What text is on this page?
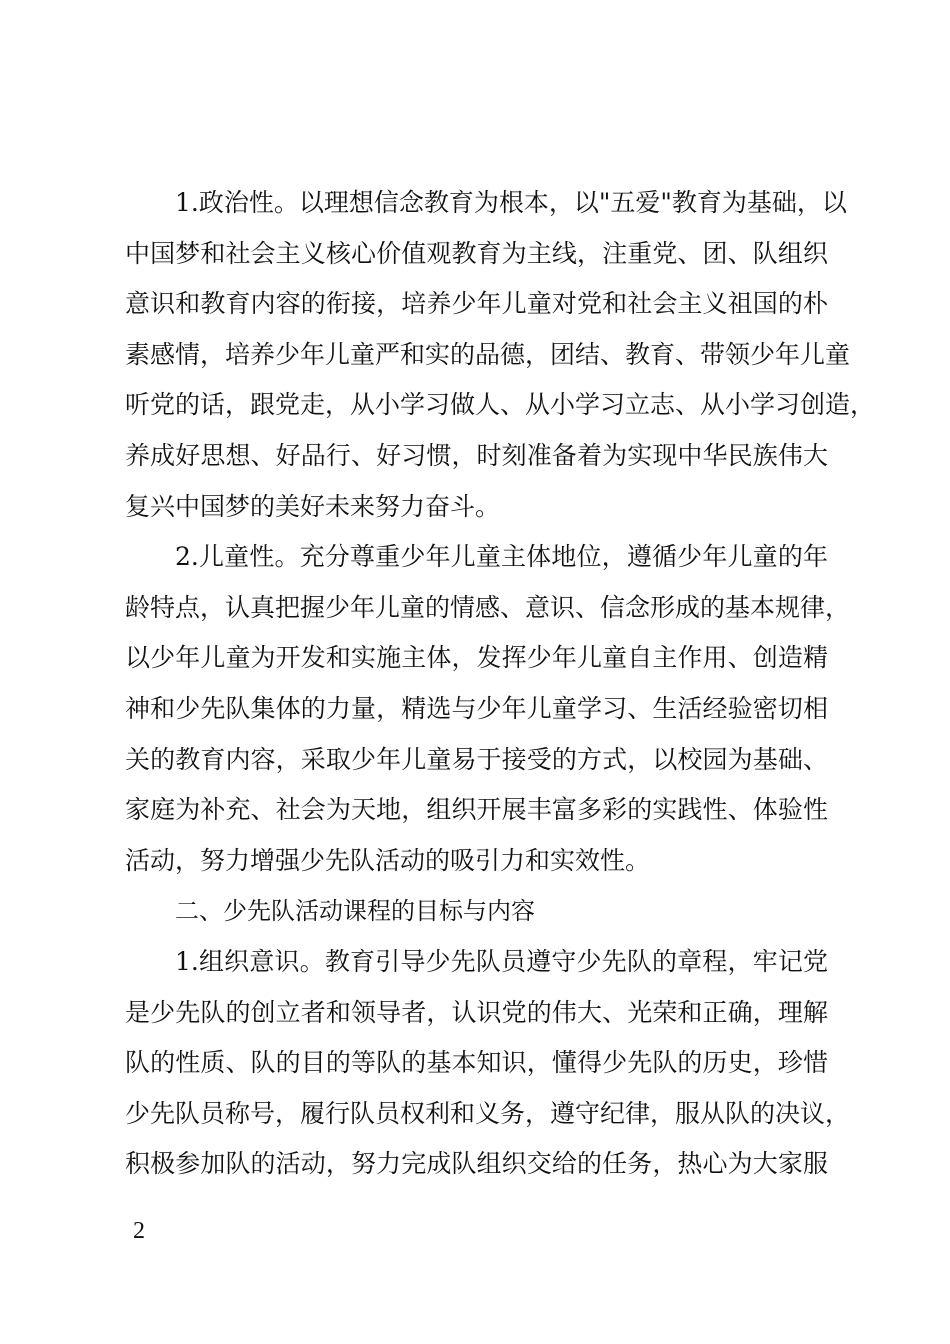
1.政治性。以理想信念教育为根本，以"五爱"教育为基础，以
中国梦和社会主义核心价值观教育为主线，注重党、团、队组织
意识和教育内容的衔接，培养少年儿童对党和社会主义祖国的朴
素感情，培养少年儿童严和实的品德，团结、教育、带领少年儿童
听党的话，跟党走，从小学习做人、从小学习立志、从小学习创造，
养成好思想、好品行、好习惯，时刻准备着为实现中华民族伟大
复兴中国梦的美好未来努力奋斗。
2.儿童性。充分尊重少年儿童主体地位，遵循少年儿童的年
龄特点，认真把握少年儿童的情感、意识、信念形成的基本规律，
以少年儿童为开发和实施主体，发挥少年儿童自主作用、创造精
神和少先队集体的力量，精选与少年儿童学习、生活经验密切相
关的教育内容，采取少年儿童易于接受的方式，以校园为基础、
家庭为补充、社会为天地，组织开展丰富多彩的实践性、体验性
活动，努力增强少先队活动的吸引力和实效性。
二、少先队活动课程的目标与内容
1.组织意识。教育引导少先队员遵守少先队的章程，牢记党
是少先队的创立者和领导者，认识党的伟大、光荣和正确，理解
队的性质、队的目的等队的基本知识，懂得少先队的历史，珍惜
少先队员称号，履行队员权利和义务，遵守纪律，服从队的决议，
积极参加队的活动，努力完成队组织交给的任务，热心为大家服
2
